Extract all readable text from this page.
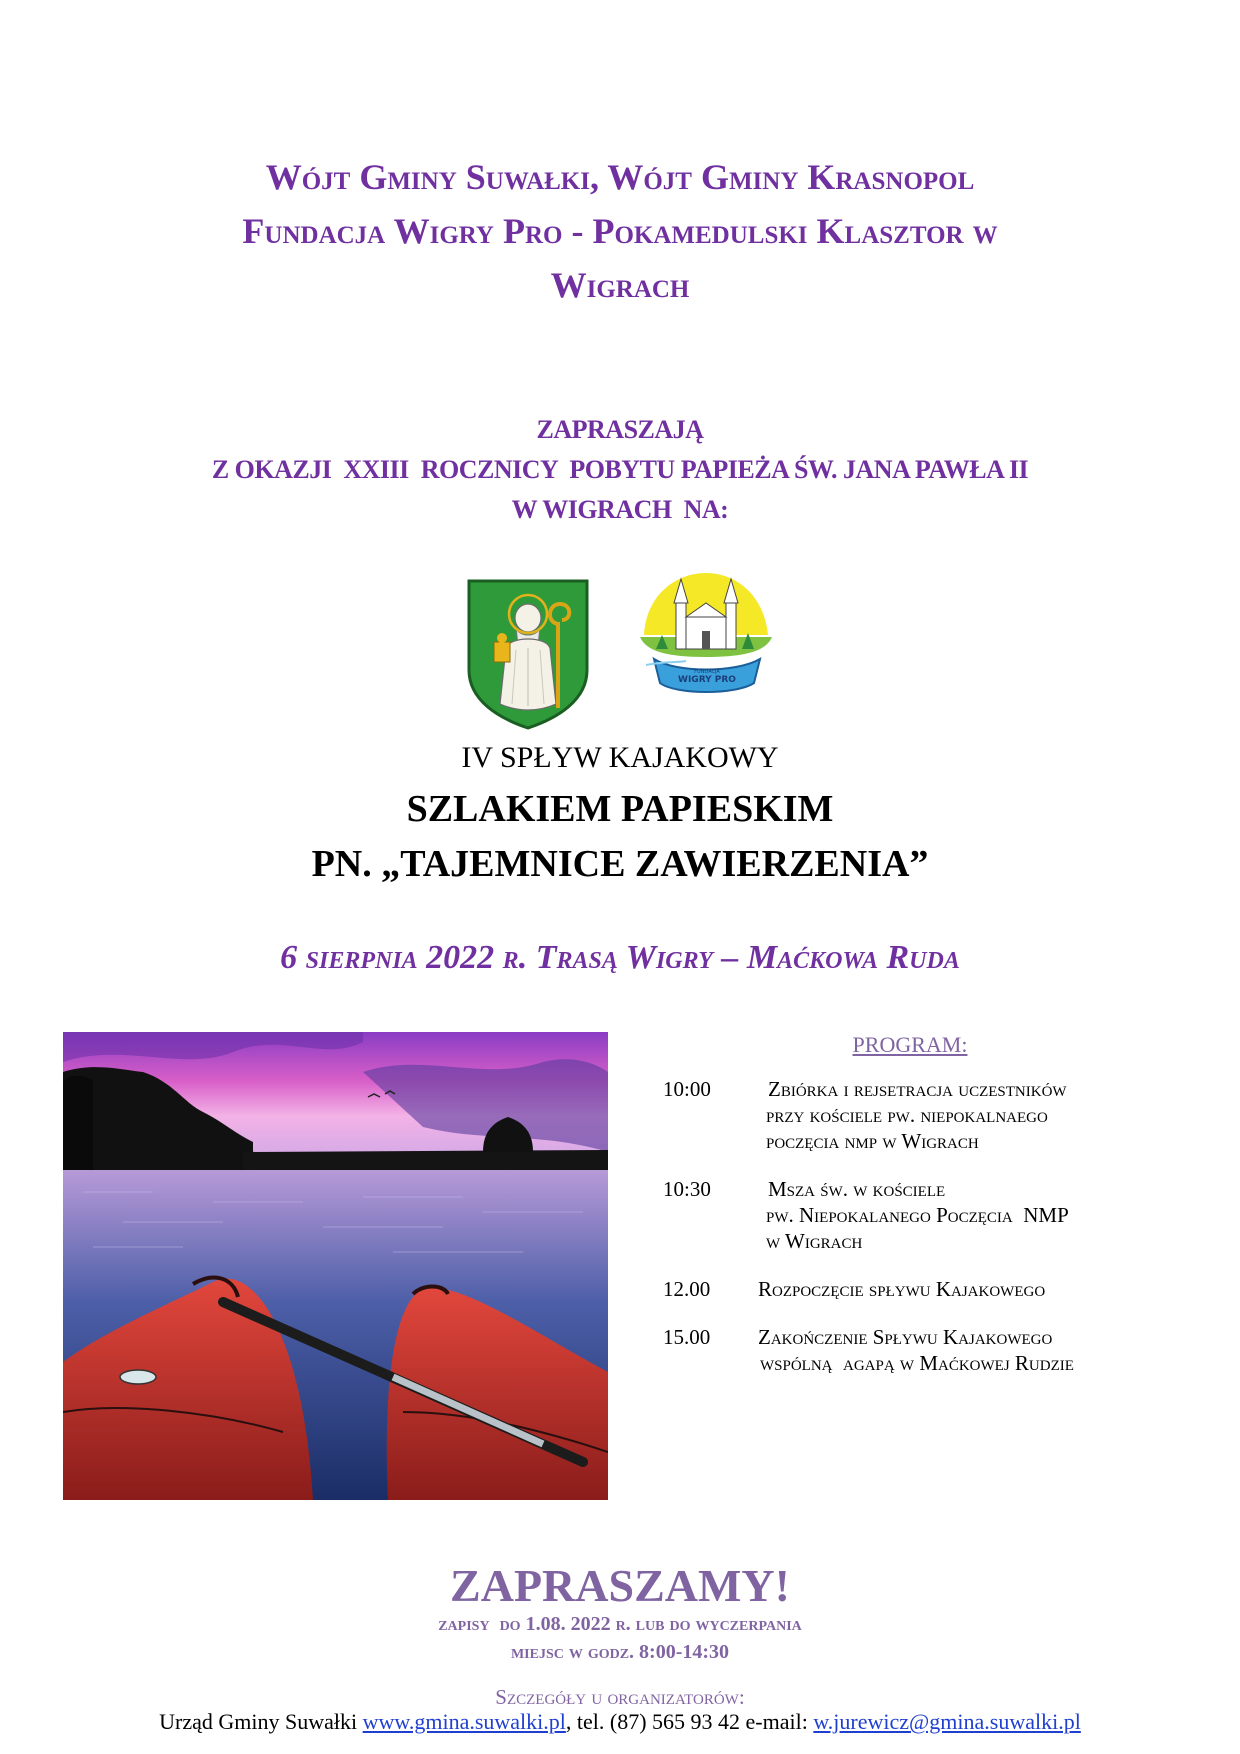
Wójt Gminy Suwałki, Wójt Gminy Krasnopol
Fundacja Wigry Pro - Pokamedulski Klasztor w
Wigrach
ZAPRASZAJĄ
Z OKAZJI  XXIII  ROCZNICY  POBYTU PAPIEŻA ŚW. JANA PAWŁA II
W WIGRACH  NA:
FUNDACJA
WIGRY PRO
IV SPŁYW KAJAKOWY
SZLAKIEM PAPIESKIM
PN. „TAJEMNICE ZAWIERZENIA”
6 sierpnia 2022 r. Trasą Wigry – Maćkowa Ruda
PROGRAM:
10:00	Zbiórka i rejsetracja uczestników
przy kościele pw. niepokalnaego
poczęcia nmp w Wigrach
10:30	Msza św. w kościele
pw. Niepokalanego Poczęcia  NMP
w Wigrach
12.00	Rozpoczęcie spływu Kajakowego
15.00	Zakończenie Spływu Kajakowego
wspólną  agapą w Maćkowej Rudzie
ZAPRASZAMY!
zapisy  do 1.08. 2022 r. lub do wyczerpania
miejsc w godz. 8:00-14:30
Szczegóły u organizatorów:
Urząd Gminy Suwałki www.gmina.suwalki.pl, tel. (87) 565 93 42 e-mail: w.jurewicz@gmina.suwalki.pl
